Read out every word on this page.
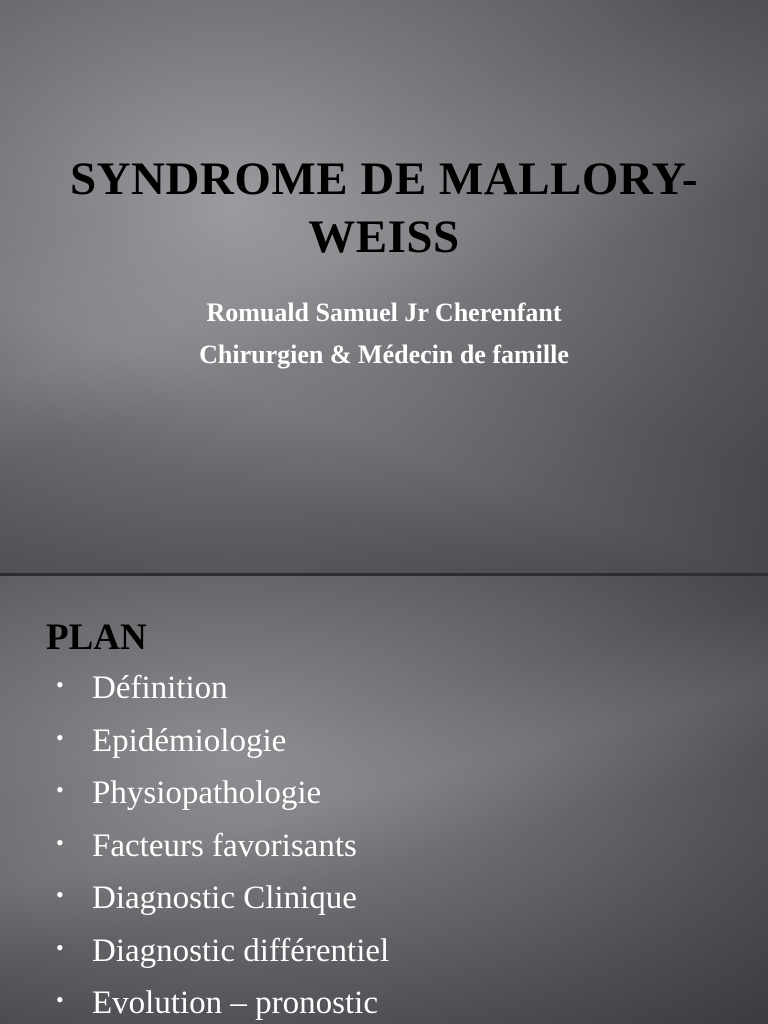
SYNDROME DE MALLORY-
WEISS
Romuald Samuel Jr Cherenfant
Chirurgien & Médecin de famille
PLAN
• Définition
• Epidémiologie
• Physiopathologie
• Facteurs favorisants
• Diagnostic Clinique
• Diagnostic différentiel
• Evolution – pronostic
